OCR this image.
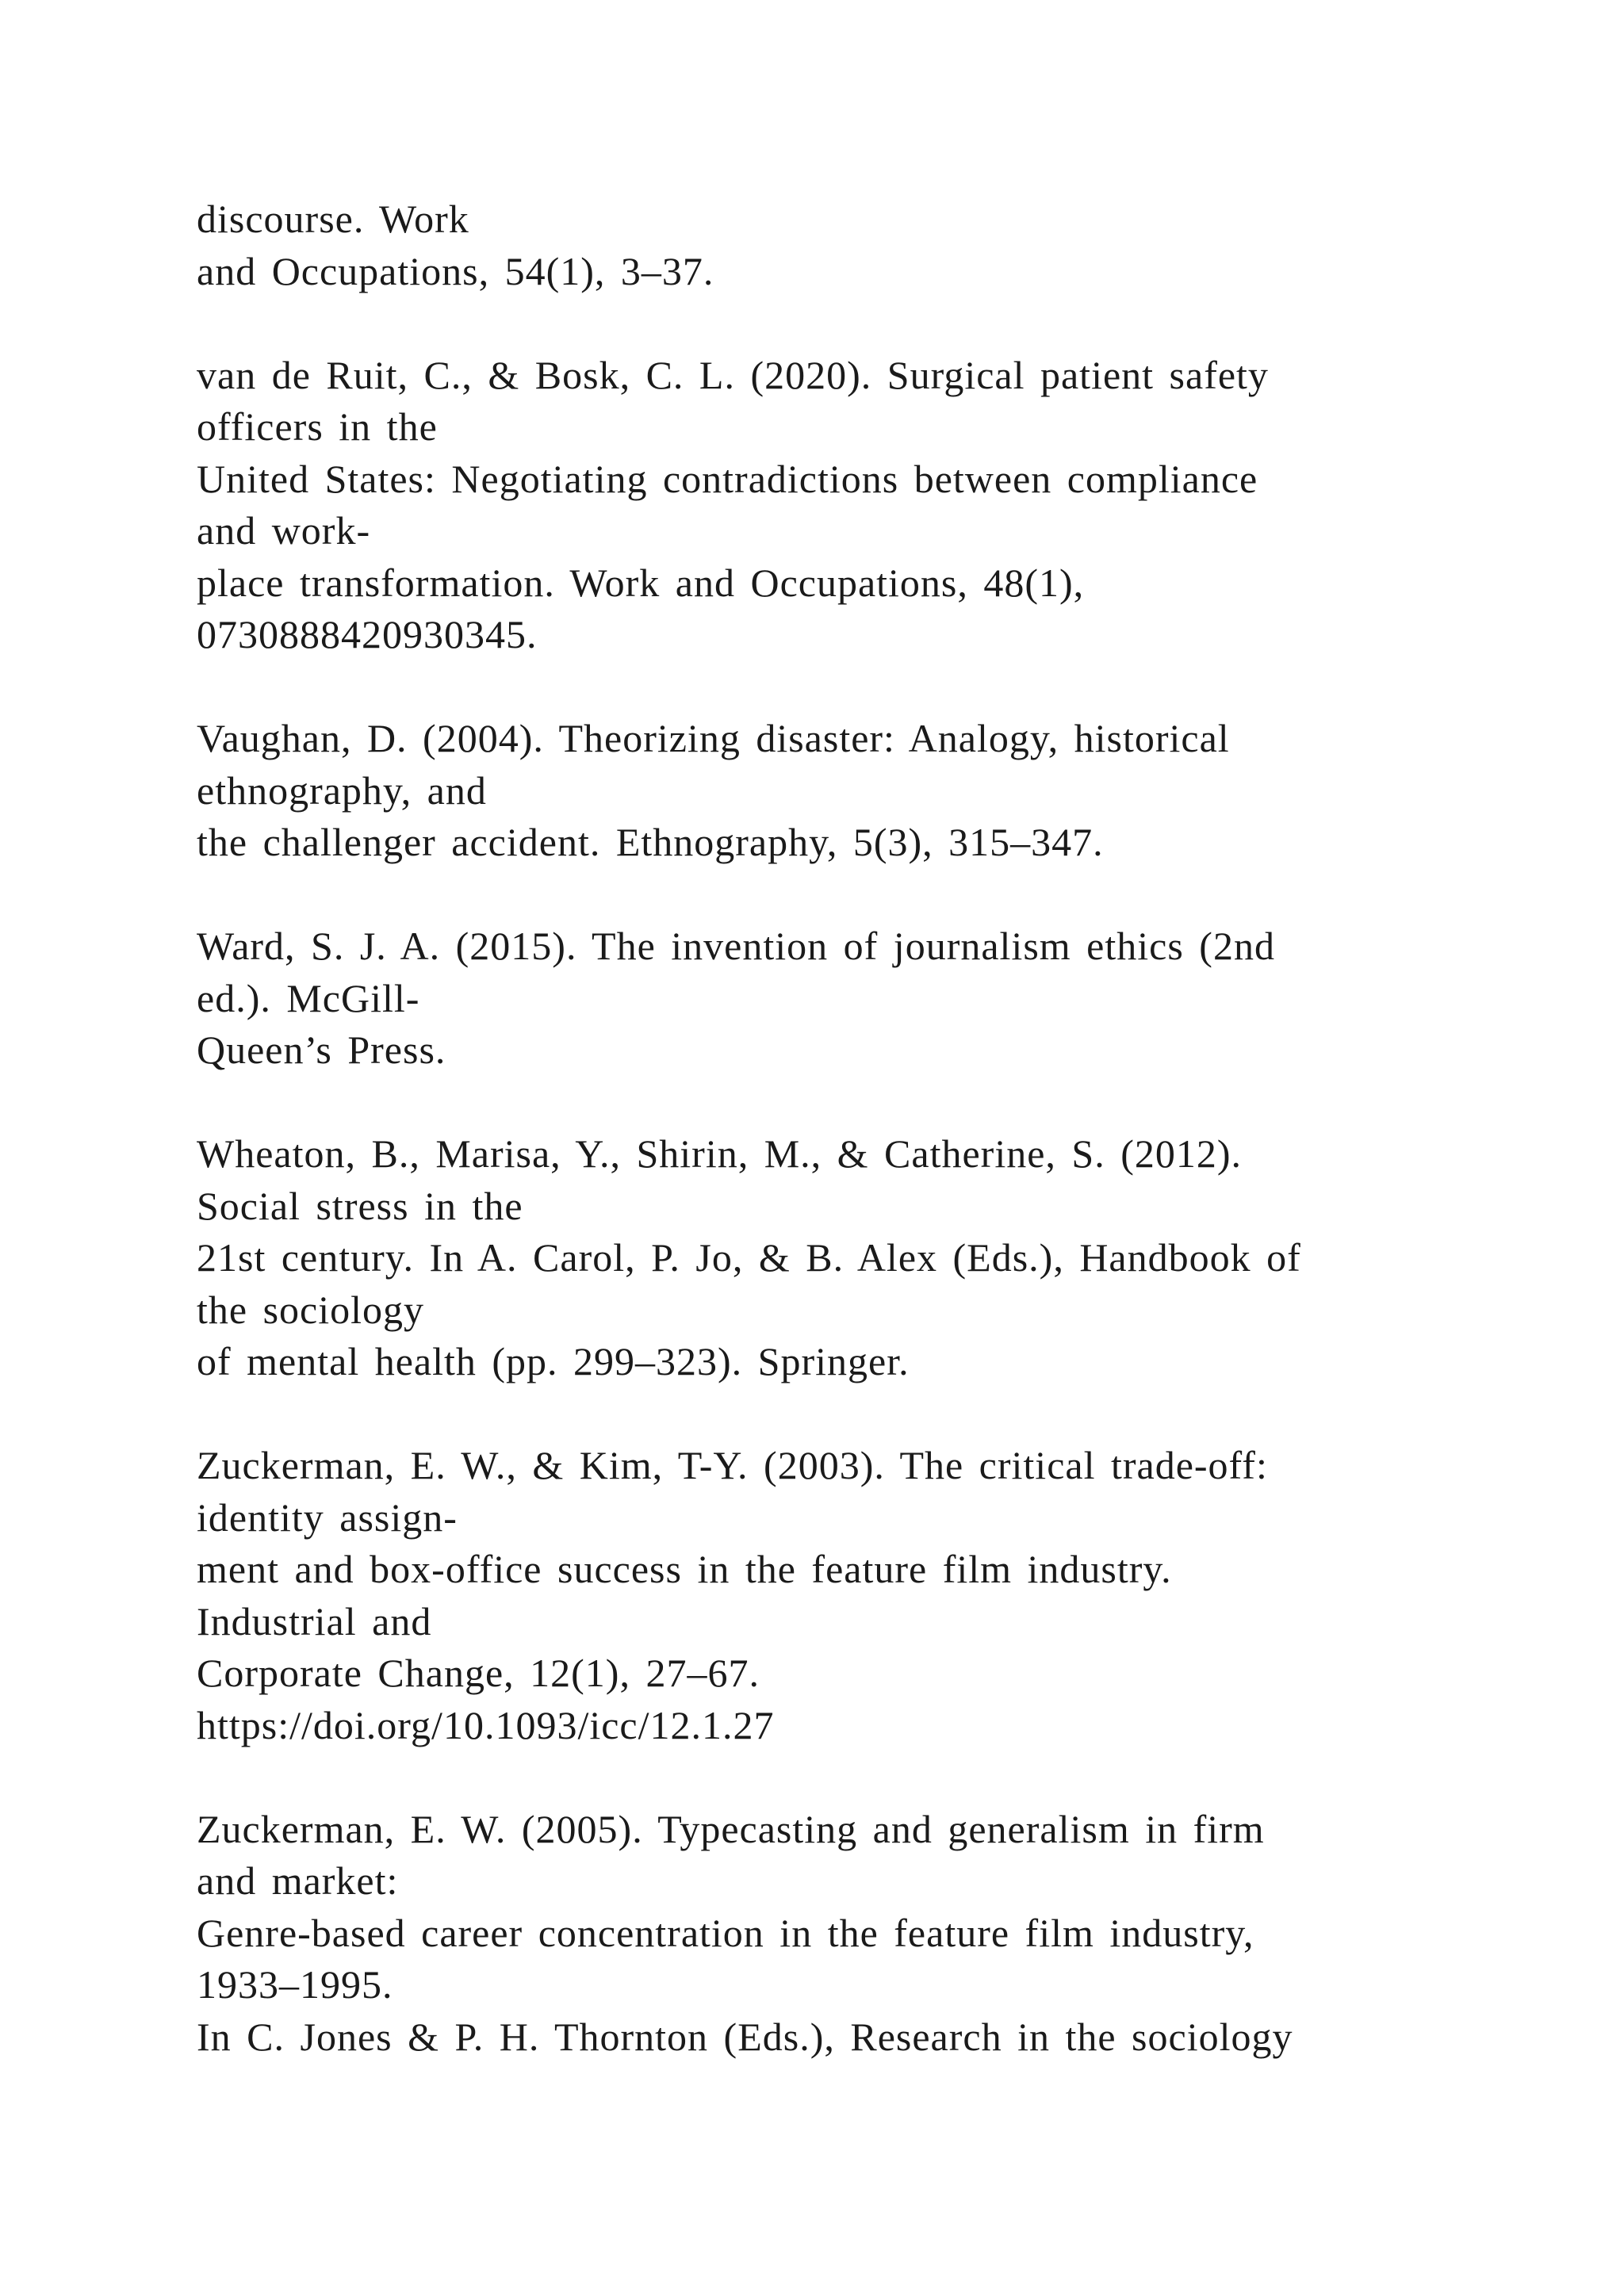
discourse. Work
and Occupations, 54(1), 3–37.
van de Ruit, C., & Bosk, C. L. (2020). Surgical patient safety
officers in the
United States: Negotiating contradictions between compliance
and work-
place transformation. Work and Occupations, 48(1),
0730888420930345.
Vaughan, D. (2004). Theorizing disaster: Analogy, historical
ethnography, and
the challenger accident. Ethnography, 5(3), 315–347.
Ward, S. J. A. (2015). The invention of journalism ethics (2nd
ed.). McGill-
Queen’s Press.
Wheaton, B., Marisa, Y., Shirin, M., & Catherine, S. (2012).
Social stress in the
21st century. In A. Carol, P. Jo, & B. Alex (Eds.), Handbook of
the sociology
of mental health (pp. 299–323). Springer.
Zuckerman, E. W., & Kim, T-Y. (2003). The critical trade-off:
identity assign-
ment and box-office success in the feature film industry.
Industrial and
Corporate Change, 12(1), 27–67.
https://doi.org/10.1093/icc/12.1.27
Zuckerman, E. W. (2005). Typecasting and generalism in firm
and market:
Genre-based career concentration in the feature film industry,
1933–1995.
In C. Jones & P. H. Thornton (Eds.), Research in the sociology
